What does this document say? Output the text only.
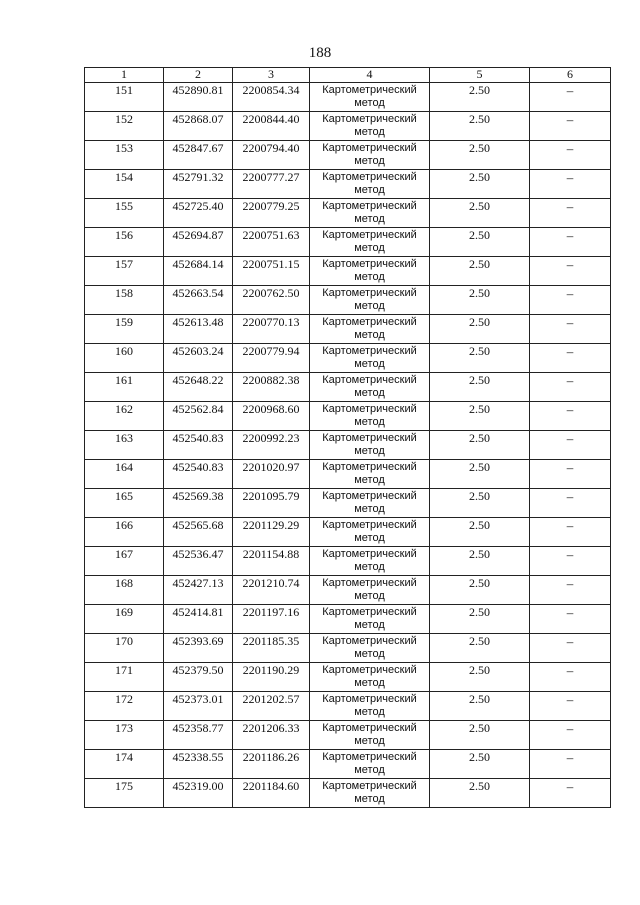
188
1	2	3	4	5	6
151	452890.81	2200854.34	Картометрический метод	2.50	–
152	452868.07	2200844.40	Картометрический метод	2.50	–
153	452847.67	2200794.40	Картометрический метод	2.50	–
154	452791.32	2200777.27	Картометрический метод	2.50	–
155	452725.40	2200779.25	Картометрический метод	2.50	–
156	452694.87	2200751.63	Картометрический метод	2.50	–
157	452684.14	2200751.15	Картометрический метод	2.50	–
158	452663.54	2200762.50	Картометрический метод	2.50	–
159	452613.48	2200770.13	Картометрический метод	2.50	–
160	452603.24	2200779.94	Картометрический метод	2.50	–
161	452648.22	2200882.38	Картометрический метод	2.50	–
162	452562.84	2200968.60	Картометрический метод	2.50	–
163	452540.83	2200992.23	Картометрический метод	2.50	–
164	452540.83	2201020.97	Картометрический метод	2.50	–
165	452569.38	2201095.79	Картометрический метод	2.50	–
166	452565.68	2201129.29	Картометрический метод	2.50	–
167	452536.47	2201154.88	Картометрический метод	2.50	–
168	452427.13	2201210.74	Картометрический метод	2.50	–
169	452414.81	2201197.16	Картометрический метод	2.50	–
170	452393.69	2201185.35	Картометрический метод	2.50	–
171	452379.50	2201190.29	Картометрический метод	2.50	–
172	452373.01	2201202.57	Картометрический метод	2.50	–
173	452358.77	2201206.33	Картометрический метод	2.50	–
174	452338.55	2201186.26	Картометрический метод	2.50	–
175	452319.00	2201184.60	Картометрический метод	2.50	–
